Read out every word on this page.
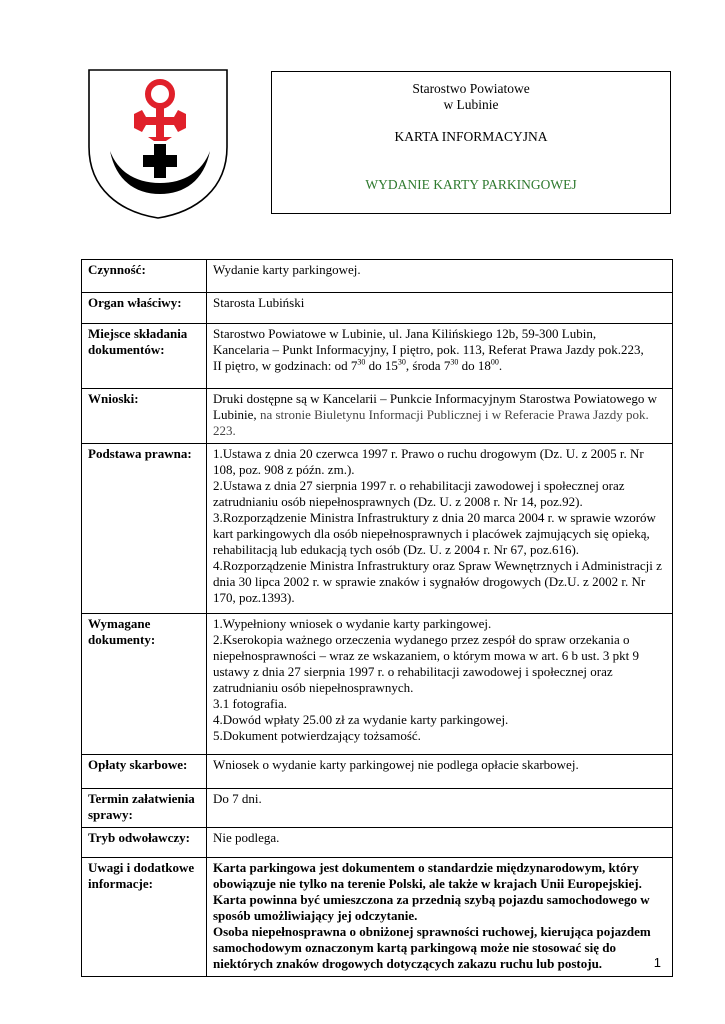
Starostwo Powiatowe
w Lubinie
KARTA INFORMACYJNA
WYDANIE KARTY PARKINGOWEJ
Czynność:	Wydanie karty parkingowej.
Organ właściwy:	Starosta Lubiński
Miejsce składania dokumentów:	Starostwo Powiatowe w Lubinie, ul. Jana Kilińskiego 12b, 59-300 Lubin,
Kancelaria – Punkt Informacyjny, I piętro, pok. 113, Referat Prawa Jazdy pok.223,
II piętro, w godzinach: od $7^{30}$ do $15^{30}$, środa $7^{30}$ do $18^{00}$.

Wnioski:	Druki dostępne są w Kancelarii – Punkcie Informacyjnym Starostwa Powiatowego w Lubinie, na stronie Biuletynu Informacji Publicznej i w Referacie Prawa Jazdy pok. 223.
Podstawa prawna:	1.Ustawa z dnia 20 czerwca 1997 r. Prawo o ruchu drogowym (Dz. U. z 2005 r. Nr 108, poz. 908 z późn. zm.).
2.Ustawa z dnia 27 sierpnia 1997 r. o rehabilitacji zawodowej i społecznej oraz zatrudnianiu osób niepełnosprawnych (Dz. U. z 2008 r. Nr 14, poz.92).
3.Rozporządzenie Ministra Infrastruktury z dnia 20 marca 2004 r. w sprawie wzorów kart parkingowych dla osób niepełnosprawnych i placówek zajmujących się opieką, rehabilitacją lub edukacją tych osób (Dz. U. z 2004 r. Nr 67, poz.616).
4.Rozporządzenie Ministra Infrastruktury oraz Spraw Wewnętrznych i Administracji z dnia 30 lipca 2002 r. w sprawie znaków i sygnałów drogowych (Dz.U. z 2002 r. Nr 170, poz.1393).

Wymagane dokumenty:	1.Wypełniony wniosek o wydanie karty parkingowej.
2.Kserokopia ważnego orzeczenia wydanego przez zespół do spraw orzekania o niepełnosprawności – wraz ze wskazaniem, o którym mowa w art. 6 b ust. 3 pkt 9 ustawy z dnia 27 sierpnia 1997 r. o rehabilitacji zawodowej i społecznej oraz zatrudnianiu osób niepełnosprawnych.
3.1 fotografia.
4.Dowód wpłaty 25.00 zł za wydanie karty parkingowej.
5.Dokument potwierdzający tożsamość.

Opłaty skarbowe:	Wniosek o wydanie karty parkingowej nie podlega opłacie skarbowej.
Termin załatwienia sprawy:	Do 7 dni.
Tryb odwoławczy:	Nie podlega.
Uwagi i dodatkowe informacje:	Karta parkingowa jest dokumentem o standardzie międzynarodowym, który obowiązuje nie tylko na terenie Polski, ale także w krajach Unii Europejskiej. Karta powinna być umieszczona za przednią szybą pojazdu samochodowego w sposób umożliwiający jej odczytanie.
Osoba niepełnosprawna o obniżonej sprawności ruchowej, kierująca pojazdem samochodowym oznaczonym kartą parkingową może nie stosować się do niektórych znaków drogowych dotyczących zakazu ruchu lub postoju.	1
